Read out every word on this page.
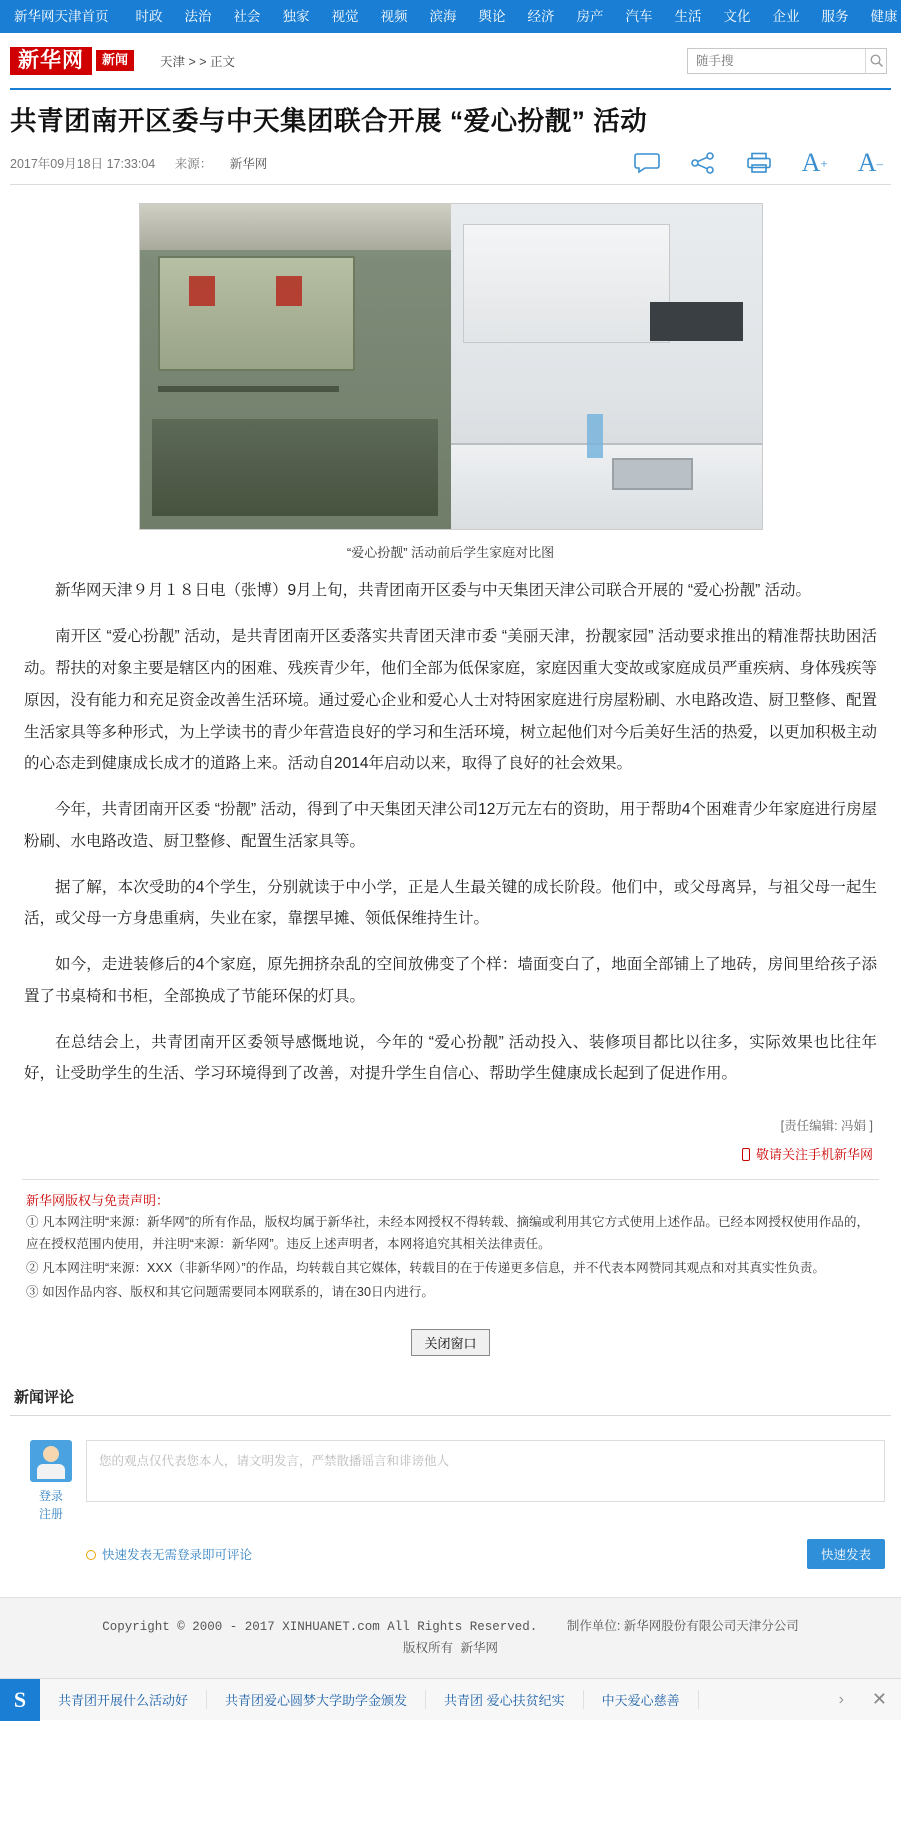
新华网天津首页	时政	法治	社会	独家	视觉	视频	滨海	舆论	经济	房产	汽车	生活	文化	企业	服务	健康
新华网	新闻	天津 > > 正文
随手搜
共青团南开区委与中天集团联合开展 “爱心扮靓” 活动
2017年09月18日 17:33:04 来源： 新华网	A + A –
“爱心扮靓” 活动前后学生家庭对比图

新华网天津９月１８日电（张博）9月上旬，共青团南开区委与中天集团天津公司联合开展的 “爱心扮靓” 活动。

南开区 “爱心扮靓” 活动，是共青团南开区委落实共青团天津市委 “美丽天津，扮靓家园” 活动要求推出的精准帮扶助困活动。帮扶的对象主要是辖区内的困难、残疾青少年，他们全部为低保家庭，家庭因重大变故或家庭成员严重疾病、身体残疾等原因，没有能力和充足资金改善生活环境。通过爱心企业和爱心人士对特困家庭进行房屋粉刷、水电路改造、厨卫整修、配置生活家具等多种形式，为上学读书的青少年营造良好的学习和生活环境，树立起他们对今后美好生活的热爱，以更加积极主动的心态走到健康成长成才的道路上来。活动自2014年启动以来，取得了良好的社会效果。

今年，共青团南开区委 “扮靓” 活动，得到了中天集团天津公司12万元左右的资助，用于帮助4个困难青少年家庭进行房屋粉刷、水电路改造、厨卫整修、配置生活家具等。

据了解，本次受助的4个学生，分别就读于中小学，正是人生最关键的成长阶段。他们中，或父母离异，与祖父母一起生活，或父母一方身患重病，失业在家，靠摆早摊、领低保维持生计。

如今，走进装修后的4个家庭，原先拥挤杂乱的空间放佛变了个样：墙面变白了，地面全部铺上了地砖，房间里给孩子添置了书桌椅和书柜，全部换成了节能环保的灯具。

在总结会上，共青团南开区委领导感慨地说，今年的 “爱心扮靓” 活动投入、装修项目都比以往多，实际效果也比往年好，让受助学生的生活、学习环境得到了改善，对提升学生自信心、帮助学生健康成长起到了促进作用。

[责任编辑: 冯娟 ]
敬请关注手机新华网
新华网版权与免责声明：
① 凡本网注明“来源：新华网”的所有作品，版权均属于新华社，未经本网授权不得转载、摘编或利用其它方式使用上述作品。已经本网授权使用作品的，应在授权范围内使用，并注明“来源：新华网”。违反上述声明者，本网将追究其相关法律责任。
② 凡本网注明“来源：XXX（非新华网）”的作品，均转载自其它媒体，转载目的在于传递更多信息，并不代表本网赞同其观点和对其真实性负责。
③ 如因作品内容、版权和其它问题需要同本网联系的，请在30日内进行。
关闭窗口
新闻评论
登录
注册
您的观点仅代表您本人，请文明发言，严禁散播谣言和诽谤他人
快速发表无需登录即可评论	快速发表
Copyright © 2000 - 2017 XINHUANET.com All Rights Reserved. 制作单位: 新华网股份有限公司天津分公司
版权所有 新华网
S	共青团开展什么活动好	共青团爱心圆梦大学助学金颁发	共青团 爱心扶贫纪实	中天爱心慈善	›	✕
